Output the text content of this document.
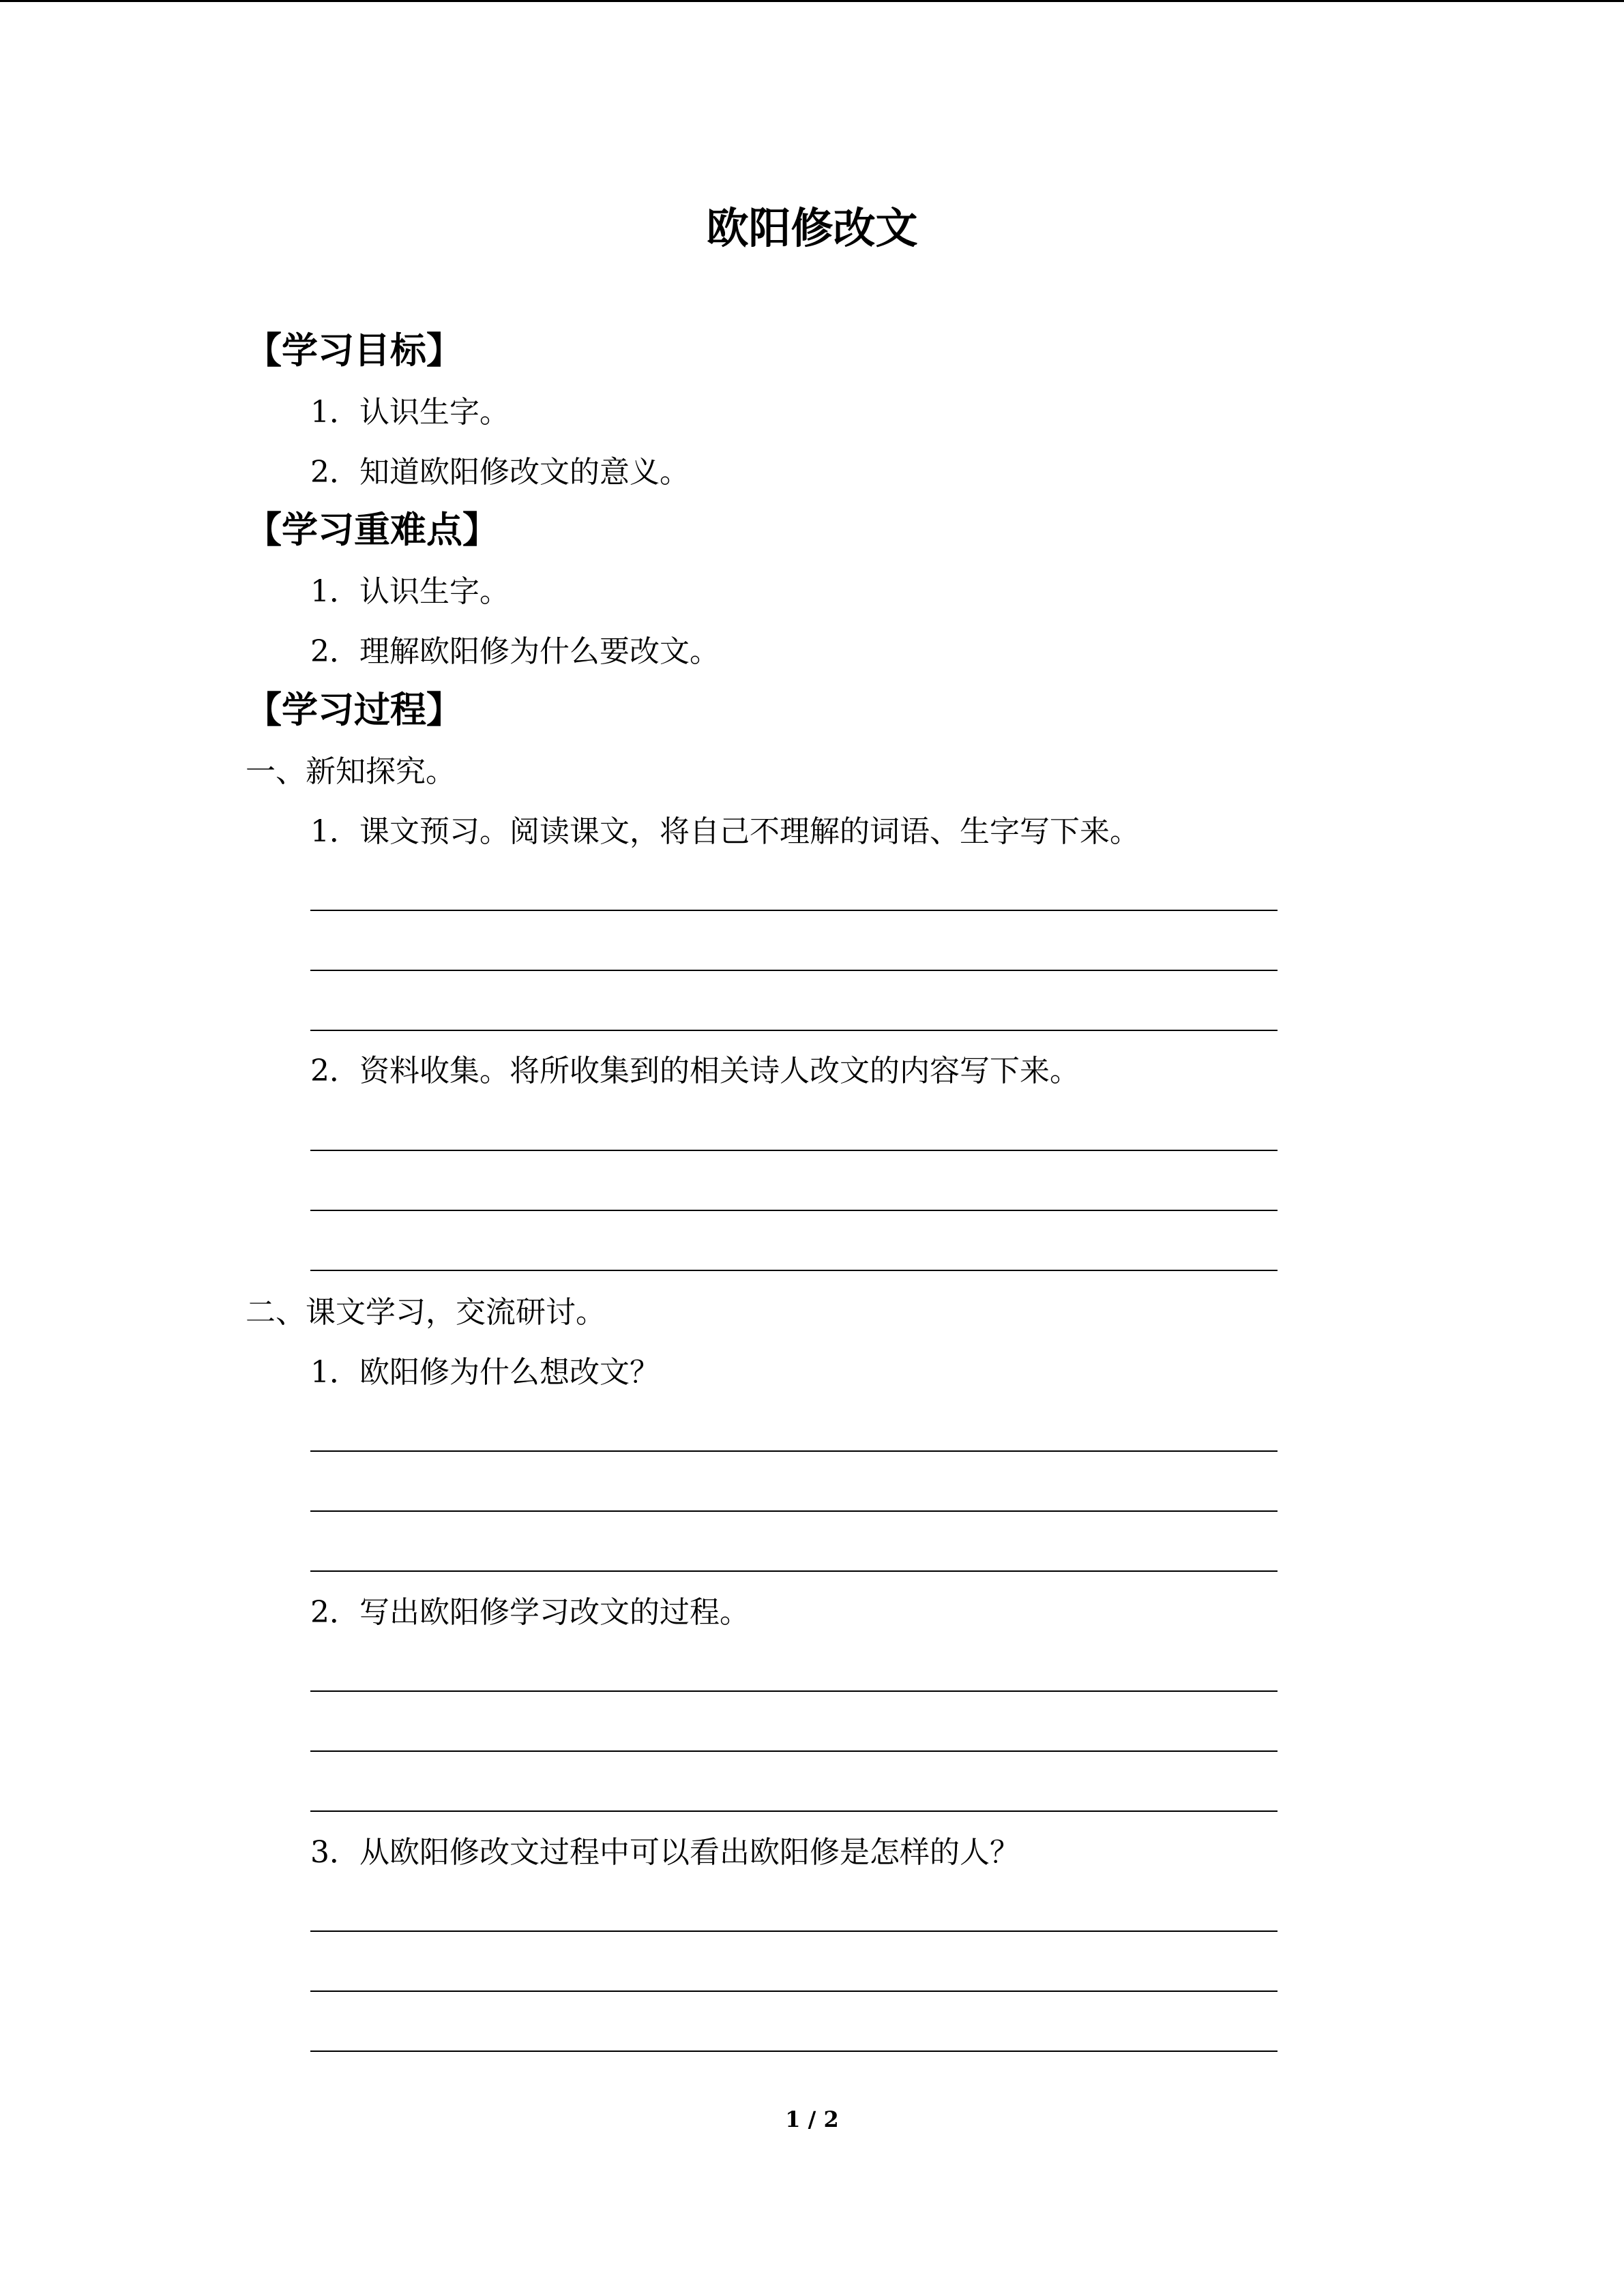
欧阳修改文
【学习目标】
1．认识生字。
2．知道欧阳修改文的意义。
【学习重难点】
1．认识生字。
2．理解欧阳修为什么要改文。
【学习过程】
一、新知探究。
1．课文预习。阅读课文，将自己不理解的词语、生字写下来。
2．资料收集。将所收集到的相关诗人改文的内容写下来。
二、课文学习，交流研讨。
1．欧阳修为什么想改文？
2．写出欧阳修学习改文的过程。
3．从欧阳修改文过程中可以看出欧阳修是怎样的人？
1 / 2
